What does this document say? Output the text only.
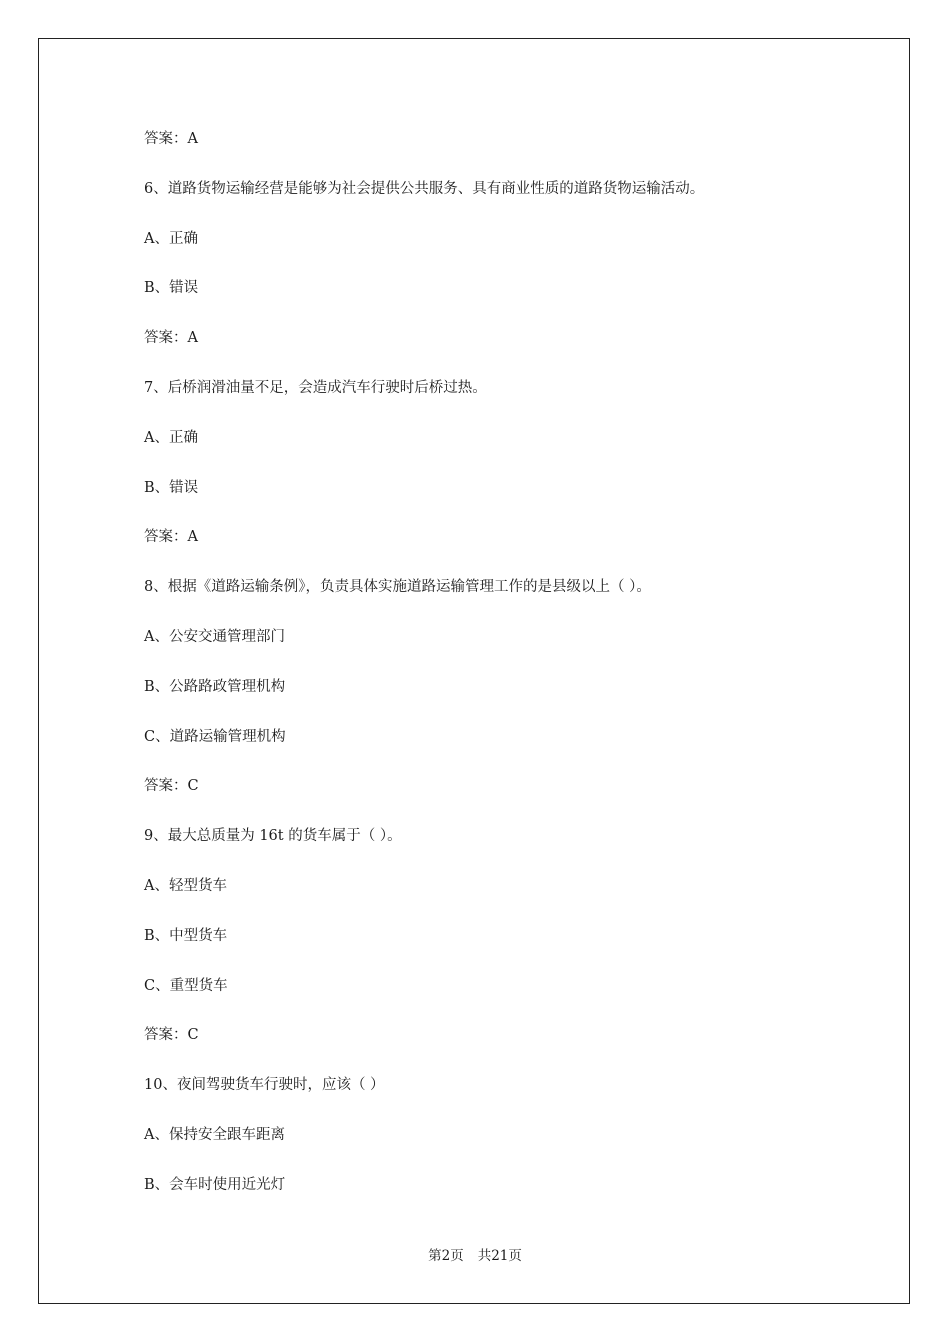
答案：A
6、道路货物运输经营是能够为社会提供公共服务、具有商业性质的道路货物运输活动。
A、正确
B、错误
答案：A
7、后桥润滑油量不足，会造成汽车行驶时后桥过热。
A、正确
B、错误
答案：A
8、根据《道路运输条例》，负责具体实施道路运输管理工作的是县级以上（ ）。
A、公安交通管理部门
B、公路路政管理机构
C、道路运输管理机构
答案：C
9、最大总质量为 16t 的货车属于（ ）。
A、轻型货车
B、中型货车
C、重型货车
答案：C
10、夜间驾驶货车行驶时，应该（ ）
A、保持安全跟车距离
B、会车时使用近光灯
第2页 共21页
